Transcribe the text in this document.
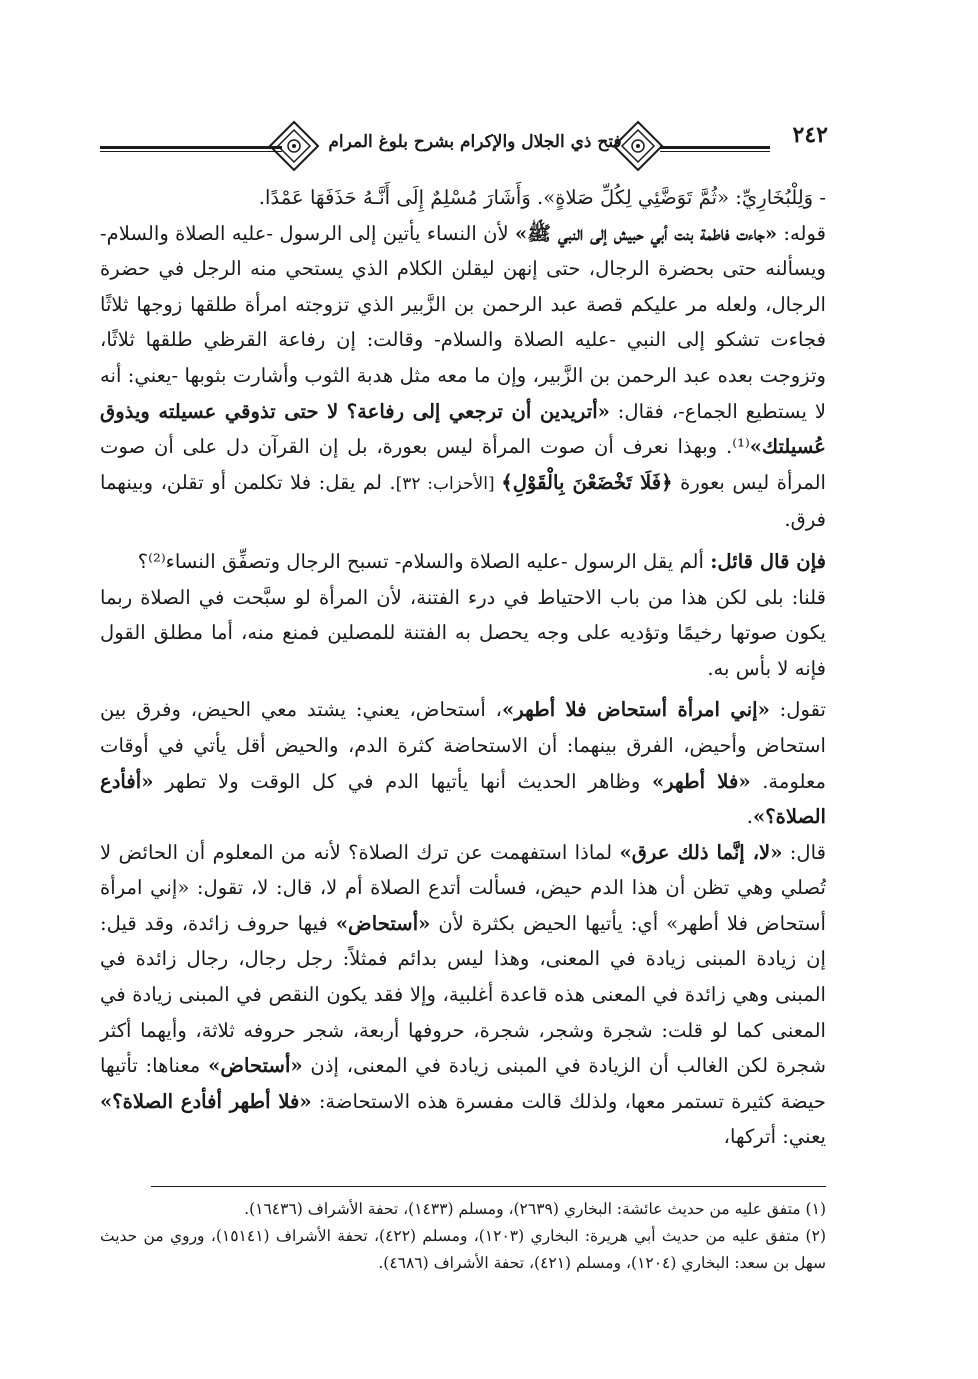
فتح ذي الجلال والإكرام بشرح بلوغ المرام	٢٤٢

- وَلِلْبُخَارِيِّ: «ثُمَّ تَوَضَّئِي لِكُلِّ صَلاةٍ». وَأَشَارَ مُسْلِمٌ إِلَى أَنَّـهُ حَذَفَهَا عَمْدًا.

قوله: «جاءت فاطمة بنت أبي حبيش إلى النبي ﷺ» لأن النساء يأتين إلى الرسول -عليه الصلاة والسلام- ويسألنه حتى بحضرة الرجال، حتى إنهن ليقلن الكلام الذي يستحي منه الرجل في حضرة الرجال، ولعله مر عليكم قصة عبد الرحمن بن الزَّبير الذي تزوجته امرأة طلقها زوجها ثلاثًا فجاءت تشكو إلى النبي -عليه الصلاة والسلام- وقالت: إن رفاعة القرظي طلقها ثلاثًا، وتزوجت بعده عبد الرحمن بن الزَّبير، وإن ما معه مثل هدبة الثوب وأشارت بثوبها -يعني: أنه لا يستطيع الجماع-، فقال: «أتريدين أن ترجعي إلى رفاعة؟ لا حتى تذوقي عسيلته ويذوق عُسيلتك»⁽¹⁾. وبهذا نعرف أن صوت المرأة ليس بعورة، بل إن القرآن دل على أن صوت المرأة ليس بعورة ﴿فَلَا تَخْضَعْنَ بِالْقَوْلِ﴾ [الأحزاب: ٣٢]. لم يقل: فلا تكلمن أو تقلن، وبينهما فرق.

فإن قال قائل: ألم يقل الرسول -عليه الصلاة والسلام- تسبح الرجال وتصفِّق النساء⁽²⁾؟

قلنا: بلى لكن هذا من باب الاحتياط في درء الفتنة، لأن المرأة لو سبَّحت في الصلاة ربما يكون صوتها رخيمًا وتؤديه على وجه يحصل به الفتنة للمصلين فمنع منه، أما مطلق القول فإنه لا بأس به.

تقول: «إني امرأة أستحاض فلا أطهر»، أستحاض، يعني: يشتد معي الحيض، وفرق بين استحاض وأحيض، الفرق بينهما: أن الاستحاضة كثرة الدم، والحيض أقل يأتي في أوقات معلومة. «فلا أطهر» وظاهر الحديث أنها يأتيها الدم في كل الوقت ولا تطهر «أفأدع الصلاة؟».

قال: «لا، إنَّما ذلك عرق» لماذا استفهمت عن ترك الصلاة؟ لأنه من المعلوم أن الحائض لا تُصلي وهي تظن أن هذا الدم حيض، فسألت أتدع الصلاة أم لا، قال: لا، تقول: «إني امرأة أستحاض فلا أطهر» أي: يأتيها الحيض بكثرة لأن «أستحاض» فيها حروف زائدة، وقد قيل: إن زيادة المبنى زيادة في المعنى، وهذا ليس بدائم فمثلاً: رجل رجال، رجال زائدة في المبنى وهي زائدة في المعنى هذه قاعدة أغلبية، وإلا فقد يكون النقص في المبنى زيادة في المعنى كما لو قلت: شجرة وشجر، شجرة، حروفها أربعة، شجر حروفه ثلاثة، وأيهما أكثر شجرة لكن الغالب أن الزيادة في المبنى زيادة في المعنى، إذن «أستحاض» معناها: تأتيها حيضة كثيرة تستمر معها، ولذلك قالت مفسرة هذه الاستحاضة: «فلا أطهر أفأدع الصلاة؟» يعني: أتركها،

(١) متفق عليه من حديث عائشة: البخاري (٢٦٣٩)، ومسلم (١٤٣٣)، تحفة الأشراف (١٦٤٣٦).

(٢) متفق عليه من حديث أبي هريرة: البخاري (١٢٠٣)، ومسلم (٤٢٢)، تحفة الأشراف (١٥١٤١)، وروي من حديث سهل بن سعد: البخاري (١٢٠٤)، ومسلم (٤٢١)، تحفة الأشراف (٤٦٨٦).
